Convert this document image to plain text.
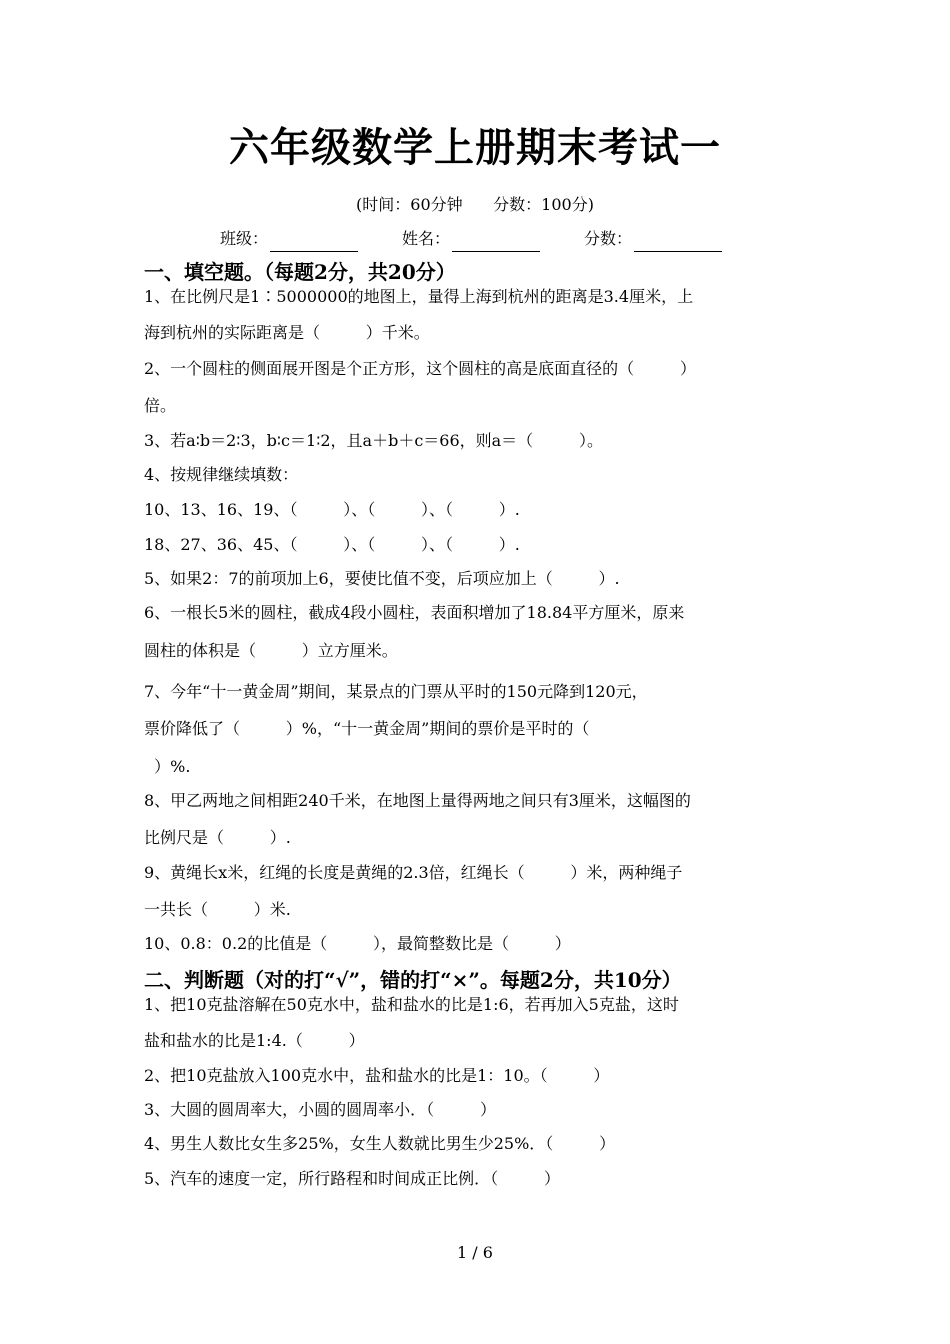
六年级数学上册期末考试一
(时间：60分钟      分数：100分)
班级：	姓名：	分数：
一、填空题。（每题2分，共20分）
1、在比例尺是1∶5000000的地图上，量得上海到杭州的距离是3.4厘米，上
海到杭州的实际距离是（         ）千米。
2、一个圆柱的侧面展开图是个正方形，这个圆柱的高是底面直径的（         ）
倍。
3、若a∶b＝2∶3，b∶c＝1∶2，且a＋b＋c＝66，则a＝（         ）。
4、按规律继续填数：
10、13、16、19、（         ）、（         ）、（         ）.
18、27、36、45、（         ）、（         ）、（         ）.
5、如果2：7的前项加上6，要使比值不变，后项应加上（         ）.
6、一根长5米的圆柱，截成4段小圆柱，表面积增加了18.84平方厘米，原来
圆柱的体积是（         ）立方厘米。
7、今年“十一黄金周”期间，某景点的门票从平时的150元降到120元，
票价降低了（         ）%，“十一黄金周”期间的票价是平时的（
）%.
8、甲乙两地之间相距240千米，在地图上量得两地之间只有3厘米，这幅图的
比例尺是（         ）.
9、黄绳长x米，红绳的长度是黄绳的2.3倍，红绳长（         ）米，两种绳子
一共长（         ）米.
10、0.8：0.2的比值是（         ），最简整数比是（         ）
二、判断题（对的打“√”，错的打“×”。每题2分，共10分）
1、把10克盐溶解在50克水中，盐和盐水的比是1:6，若再加入5克盐，这时
盐和盐水的比是1:4.（         ）
2、把10克盐放入100克水中，盐和盐水的比是1：10。（         ）
3、大圆的圆周率大，小圆的圆周率小．（         ）
4、男生人数比女生多25%，女生人数就比男生少25%．（         ）
5、汽车的速度一定，所行路程和时间成正比例．（         ）
1 / 6
